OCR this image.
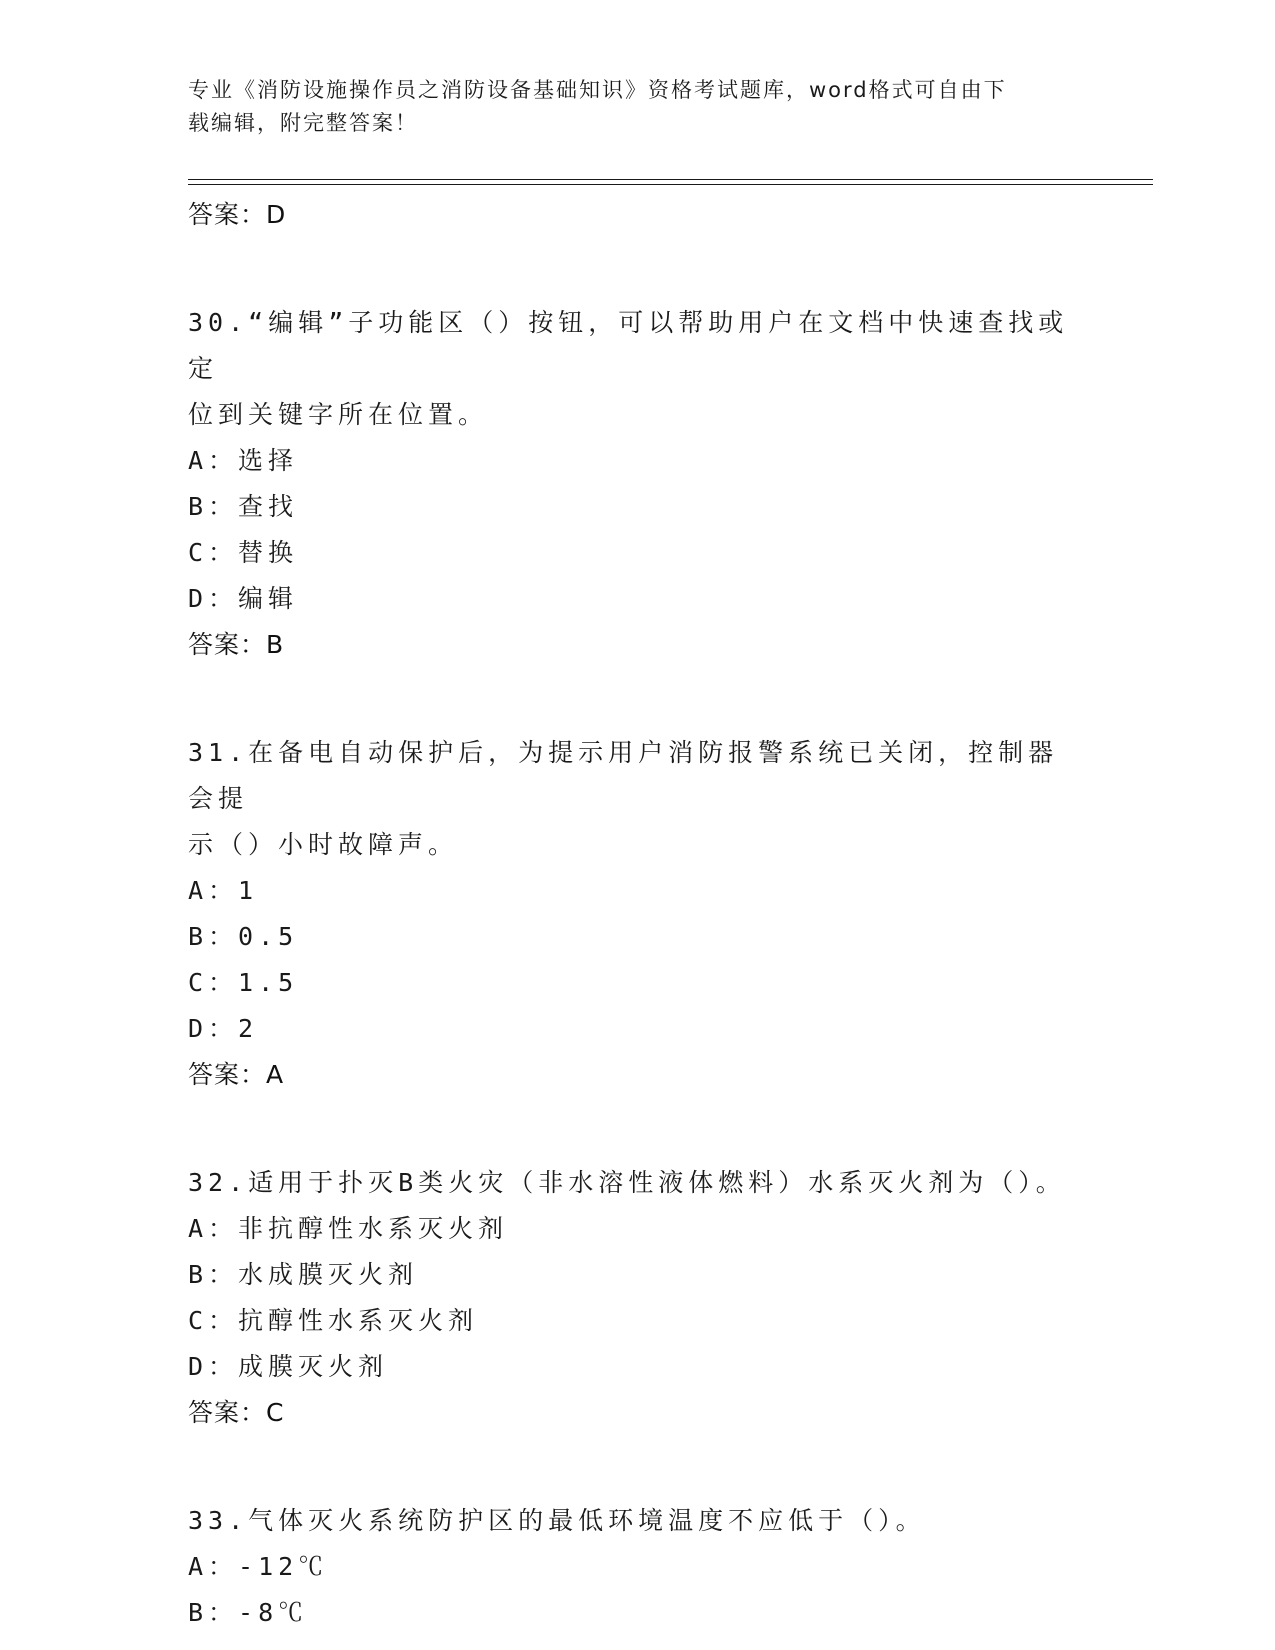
专业《消防设施操作员之消防设备基础知识》资格考试题库，word格式可自由下
载编辑，附完整答案！
答案：D
30.“编辑”子功能区（）按钮，可以帮助用户在文档中快速查找或定
位到关键字所在位置。
A：选择
B：查找
C：替换
D：编辑
答案：B
31.在备电自动保护后，为提示用户消防报警系统已关闭，控制器会提
示（）小时故障声。
A：1
B：0.5
C：1.5
D：2
答案：A
32.适用于扑灭B类火灾（非水溶性液体燃料）水系灭火剂为（）。
A：非抗醇性水系灭火剂
B：水成膜灭火剂
C：抗醇性水系灭火剂
D：成膜灭火剂
答案：C
33.气体灭火系统防护区的最低环境温度不应低于（）。
A：-12℃
B：-8℃
